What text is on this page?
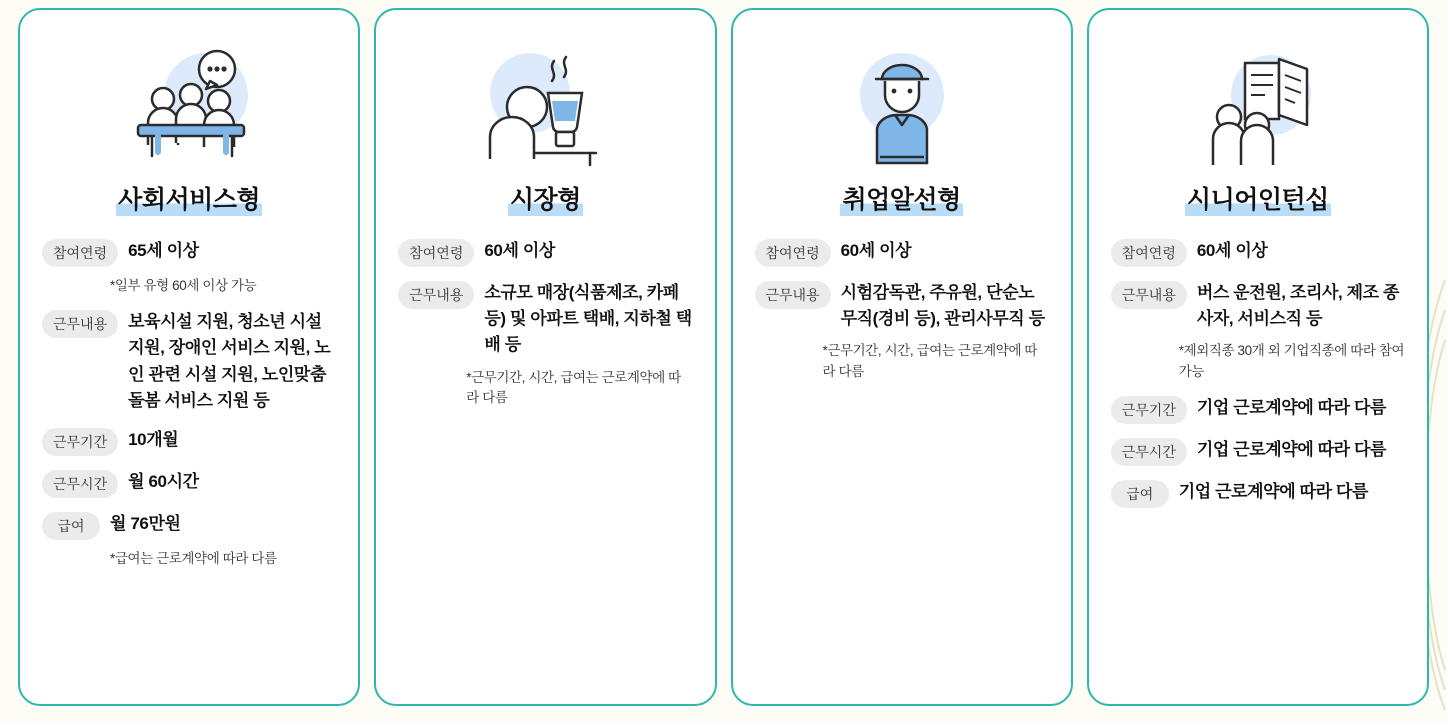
사회서비스형
참여연령	65세 이상
*일부 유형 60세 이상 가능
근무내용	보육시설 지원, 청소년 시설 지원, 장애인 서비스 지원, 노인 관련 시설 지원, 노인맞춤돌봄 서비스 지원 등
근무기간	10개월
근무시간	월 60시간
급여	월 76만원
*급여는 근로계약에 따라 다름
시장형
참여연령	60세 이상
근무내용	소규모 매장(식품제조, 카페 등) 및 아파트 택배, 지하철 택배 등
*근무기간, 시간, 급여는 근로계약에 따라 다름
취업알선형
참여연령	60세 이상
근무내용	시험감독관, 주유원, 단순노무직(경비 등), 관리사무직 등
*근무기간, 시간, 급여는 근로계약에 따라 다름
시니어인턴십
참여연령	60세 이상
근무내용	버스 운전원, 조리사, 제조 종사자, 서비스직 등
*제외직종 30개 외 기업직종에 따라 참여 가능
근무기간	기업 근로계약에 따라 다름
근무시간	기업 근로계약에 따라 다름
급여	기업 근로계약에 따라 다름
